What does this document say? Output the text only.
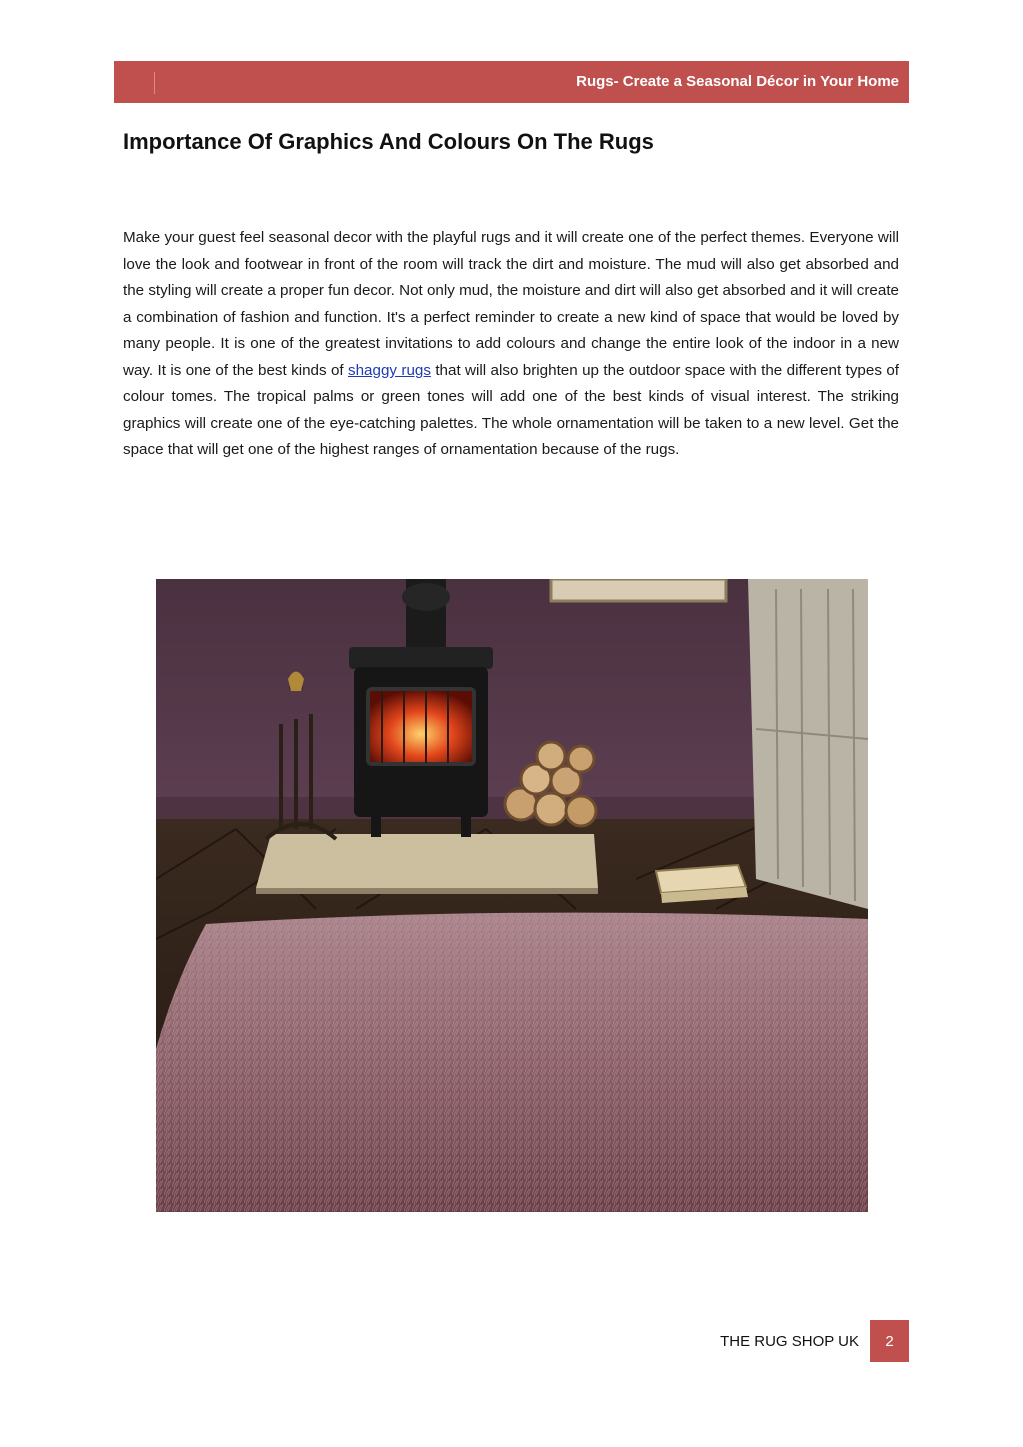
Rugs- Create a Seasonal Décor in Your Home
Importance Of Graphics And Colours On The Rugs

Make your guest feel seasonal decor with the playful rugs and it will create one of the perfect themes. Everyone will love the look and footwear in front of the room will track the dirt and moisture. The mud will also get absorbed and the styling will create a proper fun decor. Not only mud, the moisture and dirt will also get absorbed and it will create a combination of fashion and function. It's a perfect reminder to create a new kind of space that would be loved by many people. It is one of the greatest invitations to add colours and change the entire look of the indoor in a new way. It is one of the best kinds of shaggy rugs that will also brighten up the outdoor space with the different types of colour tomes. The tropical palms or green tones will add one of the best kinds of visual interest. The striking graphics will create one of the eye-catching palettes. The whole ornamentation will be taken to a new level. Get the space that will get one of the highest ranges of ornamentation because of the rugs.

THE RUG SHOP UK	2
